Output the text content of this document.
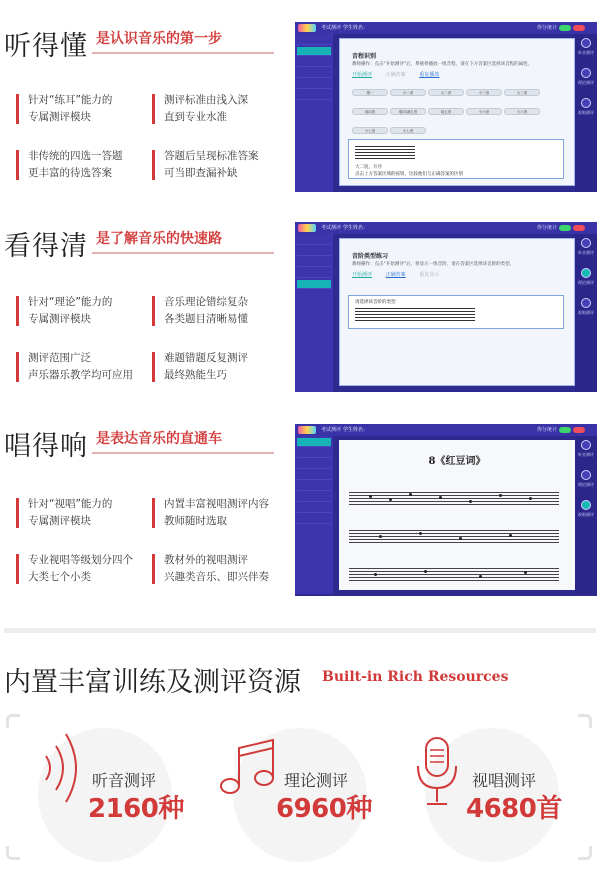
听得懂 是认识音乐的第一步
针对“练耳”能力的
专属测评模块
测评标准由浅入深
直到专业水准
非传统的四选一答题
更丰富的待选答案
答题后呈现标准答案
可当即查漏补缺
考试测评 学生姓名：	得分统计
音程识别
教师操作：点击“开始测评”后，系统将播放一组音程，请在下方答案区选择该音程的属性。
开始测评	正确答案	重复播放
增一	小二度	大二度	小三度	大三度 纯四度	增四/减五度	纯五度	小六度	大六度 小七度	大七度
大二度、升序
点击上方答案区域的按钮，比较他们与正确答案的区别
听音测评
理论测评
视唱测评
看得清 是了解音乐的快速路
针对“理论”能力的
专属测评模块
音乐理论错综复杂
各类题目清晰易懂
测评范围广泛
声乐器乐教学均可应用
难题错题反复测评
最终熟能生巧
考试测评 学生姓名：	得分统计
音阶类型练习
教师操作：点击“开始测评”后，将显示一组音阶，请在答案区选择该音阶的类型。
开始测评	正确答案	重复显示
请选择该音阶的类型：
听音测评
理论测评
视唱测评
唱得响 是表达音乐的直通车
针对“视唱”能力的
专属测评模块
内置丰富视唱测评内容
教师随时选取
专业视唱等级划分四个
大类七个小类
教材外的视唱测评
兴趣类音乐、即兴伴奏
考试测评 学生姓名：	得分统计
8《红豆词》
听音测评
理论测评
视唱测评
内置丰富训练及测评资源 Built-in Rich Resources
听音测评
2160种
理论测评
6960种
视唱测评
4680首
